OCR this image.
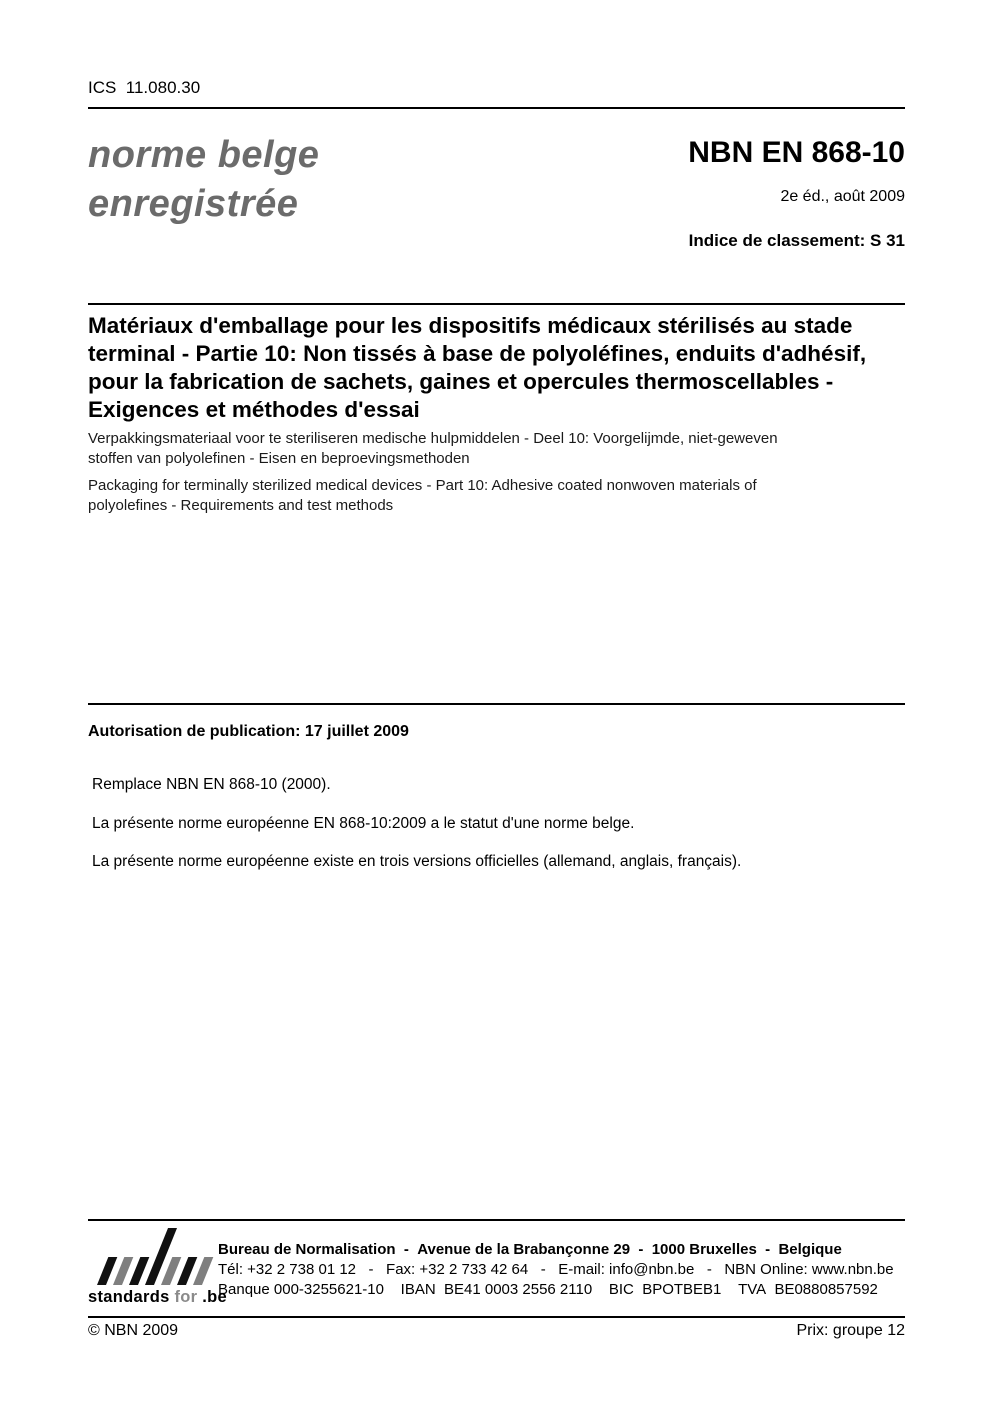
ICS  11.080.30
norme belge
enregistrée
NBN EN 868-10
2e éd., août 2009
Indice de classement: S 31
Matériaux d'emballage pour les dispositifs médicaux stérilisés au stade
terminal - Partie 10: Non tissés à base de polyoléfines, enduits d'adhésif,
pour la fabrication de sachets, gaines et opercules thermoscellables -
Exigences et méthodes d'essai
Verpakkingsmateriaal voor te steriliseren medische hulpmiddelen - Deel 10: Voorgelijmde, niet-geweven
stoffen van polyolefinen - Eisen en beproevingsmethoden
Packaging for terminally sterilized medical devices - Part 10: Adhesive coated nonwoven materials of
polyolefines - Requirements and test methods
Autorisation de publication: 17 juillet 2009
Remplace NBN EN 868-10 (2000).
La présente norme européenne EN 868-10:2009 a le statut d'une norme belge.
La présente norme européenne existe en trois versions officielles (allemand, anglais, français).
standards for .be
Bureau de Normalisation  -  Avenue de la Brabançonne 29  -  1000 Bruxelles  -  Belgique
Tél: +32 2 738 01 12   -   Fax: +32 2 733 42 64   -   E-mail: info@nbn.be   -   NBN Online: www.nbn.be
Banque 000-3255621-10    IBAN  BE41 0003 2556 2110    BIC  BPOTBEB1    TVA  BE0880857592
© NBN 2009	Prix: groupe 12
